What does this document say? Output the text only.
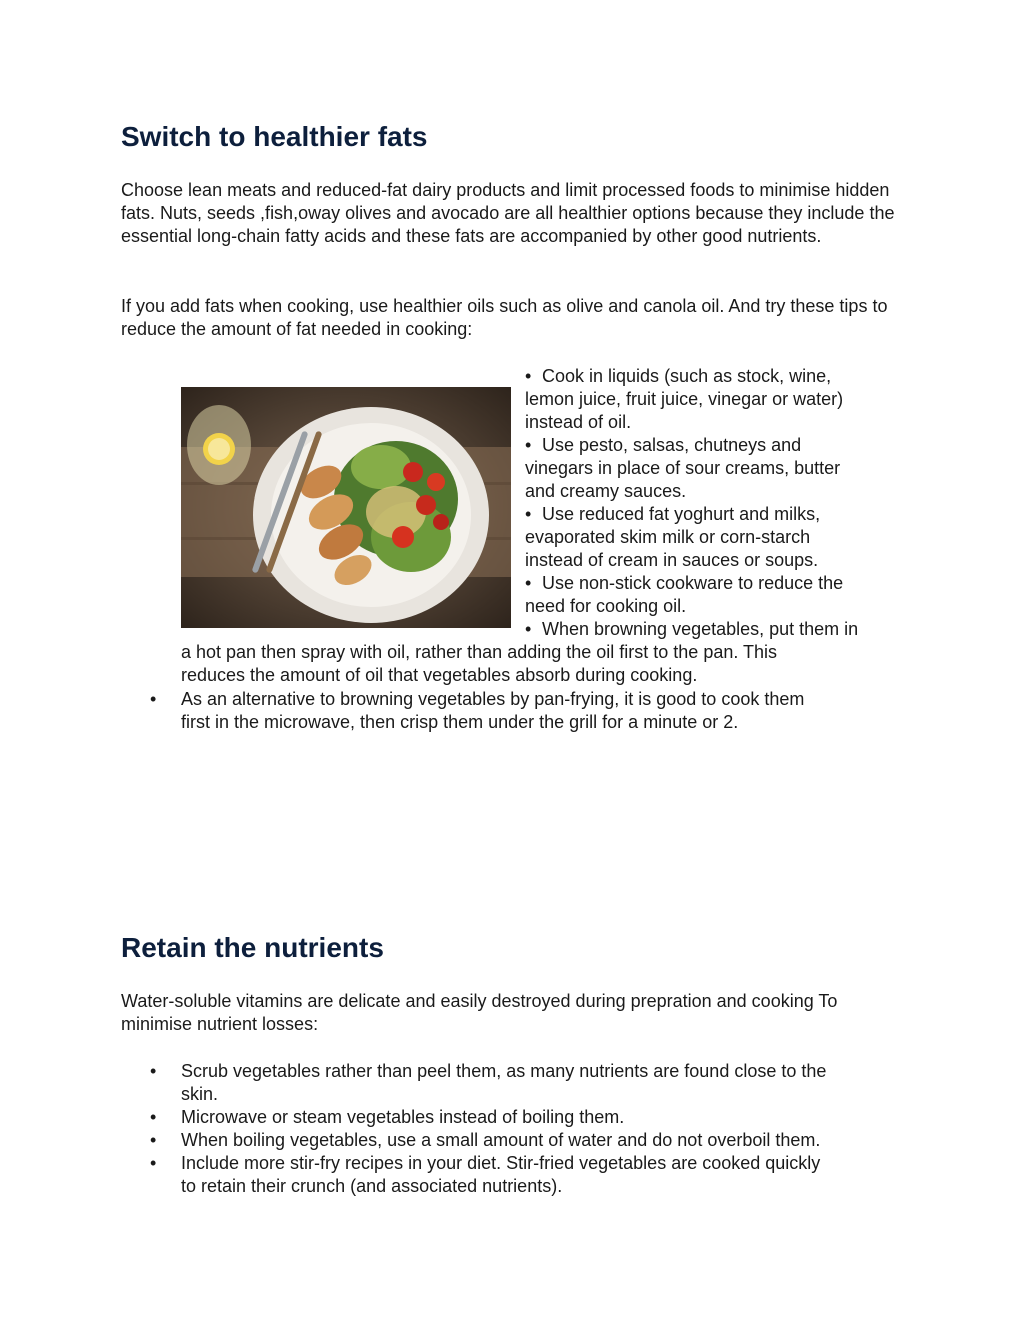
Switch to healthier fats

Choose lean meats and reduced-fat dairy products and limit processed foods to minimise hidden fats. Nuts, seeds ,fish,oway olives and avocado are all healthier options because they include the essential long-chain fatty acids and these fats are accompanied by other good nutrients.

If you add fats when cooking, use healthier oils such as olive and canola oil. And try these tips to reduce the amount of fat needed in cooking:

• Cook in liquids (such as stock, wine,
lemon juice, fruit juice, vinegar or water)
instead of oil.
• Use pesto, salsas, chutneys and
vinegars in place of sour creams, butter
and creamy sauces.
• Use reduced fat yoghurt and milks,
evaporated skim milk or corn-starch
instead of cream in sauces or soups.
• Use non-stick cookware to reduce the
need for cooking oil.
• When browning vegetables, put them in
a hot pan then spray with oil, rather than adding the oil first to the pan. This
reduces the amount of oil that vegetables absorb during cooking.
• As an alternative to browning vegetables by pan-frying, it is good to cook them
first in the microwave, then crisp them under the grill for a minute or 2.
Retain the nutrients

Water-soluble vitamins are delicate and easily destroyed during prepration and cooking To minimise nutrient losses:

• Scrub vegetables rather than peel them, as many nutrients are found close to the
skin.
• Microwave or steam vegetables instead of boiling them.
• When boiling vegetables, use a small amount of water and do not overboil them.
• Include more stir-fry recipes in your diet. Stir-fried vegetables are cooked quickly
to retain their crunch (and associated nutrients).
